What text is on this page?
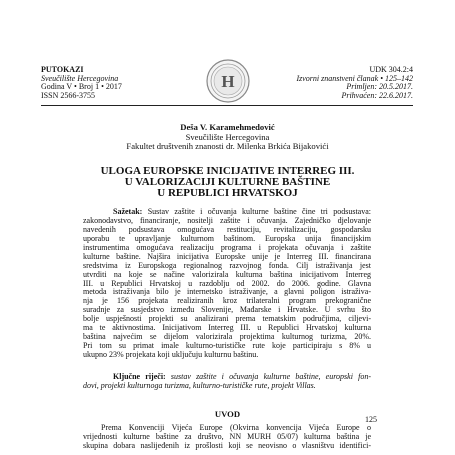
PUTOKAZI
Sveučilište Hercegovina
Godina V • Broj 1 • 2017
ISSN 2566-3755
H
UDK 304.2:4
Izvorni znanstveni članak • 125–142
Primljen: 20.5.2017.
Prihvaćen: 22.6.2017.
Deša V. Karamehmedović
Sveučilište Hercegovina
Fakultet društvenih znanosti dr. Milenka Brkića Bijakovići
ULOGA EUROPSKE INICIJATIVE INTERREG III.
U VALORIZACIJI KULTURNE BAŠTINE
U REPUBLICI HRVATSKOJ
Sažetak: Sustav zaštite i očuvanja kulturne baštine čine tri podsustava:
zakonodavstvo, financiranje, nositelji zaštite i očuvanja. Zajedničko djelovanje
navedenih podsustava omogućava restituciju, revitalizaciju, gospodarsku
uporabu te upravljanje kulturnom baštinom. Europska unija financijskim
instrumentima omogućava realizaciju programa i projekata očuvanja i zaštite
kulturne baštine. Najšira inicijativa Europske unije je Interreg III. financirana
sredstvima iz Europskoga regionalnog razvojnog fonda. Cilj istraživanja jest
utvrditi na koje se načine valorizirala kulturna baština inicijativom Interreg
III. u Republici Hrvatskoj u razdoblju od 2002. do 2006. godine. Glavna
metoda istraživanja bilo je internetsko istraživanje, a glavni poligon istraživa-
nja je 156 projekata realiziranih kroz trilateralni program prekogranične
suradnje za susjedstvo između Slovenije, Mađarske i Hrvatske. U svrhu što
bolje uspješnosti projekti su analizirani prema tematskim područjima, ciljevi-
ma te aktivnostima. Inicijativom Interreg III. u Republici Hrvatskoj kulturna
baština najvećim se dijelom valorizirala projektima kulturnog turizma, 20%.
Pri tom su primat imale kulturno-turističke rute koje participiraju s 8% u
ukupno 23% projekata koji uključuju kulturnu baštinu.
Ključne riječi: sustav zaštite i očuvanja kulturne baštine, europski fon-
dovi, projekti kulturnoga turizma, kulturno-turističke rute, projekt Villas.
UVOD
Prema Konvenciji Vijeća Europe (Okvirna konvencija Vijeća Europe o
vrijednosti kulturne baštine za društvo, NN MURH 05/07) kulturna baština je
skupina dobara naslijeđenih iz prošlosti koji se neovisno o vlasništvu identifici-
125
